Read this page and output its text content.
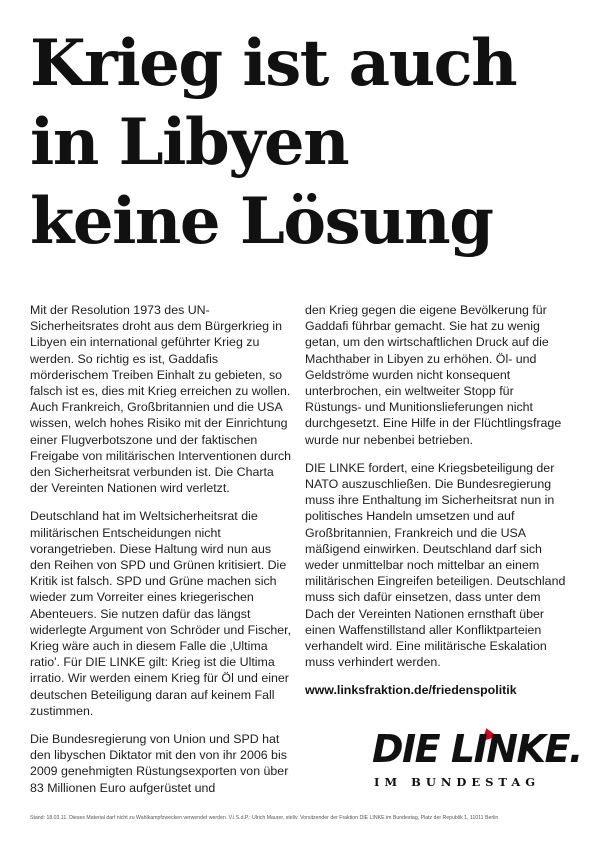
Krieg ist auch
in Libyen
keine Lösung

Mit der Resolution 1973 des UN-Sicherheitsrates droht aus dem Bürgerkrieg in Libyen ein international geführter Krieg zu werden. So richtig es ist, Gaddafis mörderischem Treiben Einhalt zu gebieten, so falsch ist es, dies mit Krieg erreichen zu wollen. Auch Frankreich, Großbritannien und die USA wissen, welch hohes Risiko mit der Einrichtung einer Flugverbotszone und der faktischen Freigabe von militärischen Interventionen durch den Sicherheitsrat verbunden ist. Die Charta der Vereinten Nationen wird verletzt.

Deutschland hat im Weltsicherheitsrat die militärischen Entscheidungen nicht vorangetrieben. Diese Haltung wird nun aus den Reihen von SPD und Grünen kritisiert. Die Kritik ist falsch. SPD und Grüne machen sich wieder zum Vorreiter eines kriegerischen Abenteuers. Sie nutzen dafür das längst widerlegte Argument von Schröder und Fischer, Krieg wäre auch in diesem Falle die ‚Ultima ratio'. Für DIE LINKE gilt: Krieg ist die Ultima irratio. Wir werden einem Krieg für Öl und einer deutschen Beteiligung daran auf keinem Fall zustimmen.

Die Bundesregierung von Union und SPD hat den libyschen Diktator mit den von ihr 2006 bis 2009 genehmigten Rüstungsexporten von über 83 Millionen Euro aufgerüstet und

den Krieg gegen die eigene Bevölkerung für Gaddafi führbar gemacht. Sie hat zu wenig getan, um den wirtschaftlichen Druck auf die Machthaber in Libyen zu erhöhen. Öl- und Geldströme wurden nicht konsequent unterbrochen, ein weltweiter Stopp für Rüstungs- und Munitionslieferungen nicht durchgesetzt. Eine Hilfe in der Flüchtlingsfrage wurde nur nebenbei betrieben.

DIE LINKE fordert, eine Kriegsbeteiligung der NATO auszuschließen. Die Bundesregierung muss ihre Enthaltung im Sicherheitsrat nun in politisches Handeln umsetzen und auf Großbritannien, Frankreich und die USA mäßigend einwirken. Deutschland darf sich weder unmittelbar noch mittelbar an einem militärischen Eingreifen beteiligen. Deutschland muss sich dafür einsetzen, dass unter dem Dach der Vereinten Nationen ernsthaft über einen Waffenstillstand aller Konfliktparteien verhandelt wird. Eine militärische Eskalation muss verhindert werden.

www.linksfraktion.de/friedenspolitik
DIE LINKE.
IM BUNDESTAG
Stand: 18.03.11. Dieses Material darf nicht zu Wahlkampfzwecken verwendet werden. V.i.S.d.P.: Ulrich Maurer, stellv. Vorsitzender der Fraktion DIE LINKE im Bundestag, Platz der Republik 1, 11011 Berlin
